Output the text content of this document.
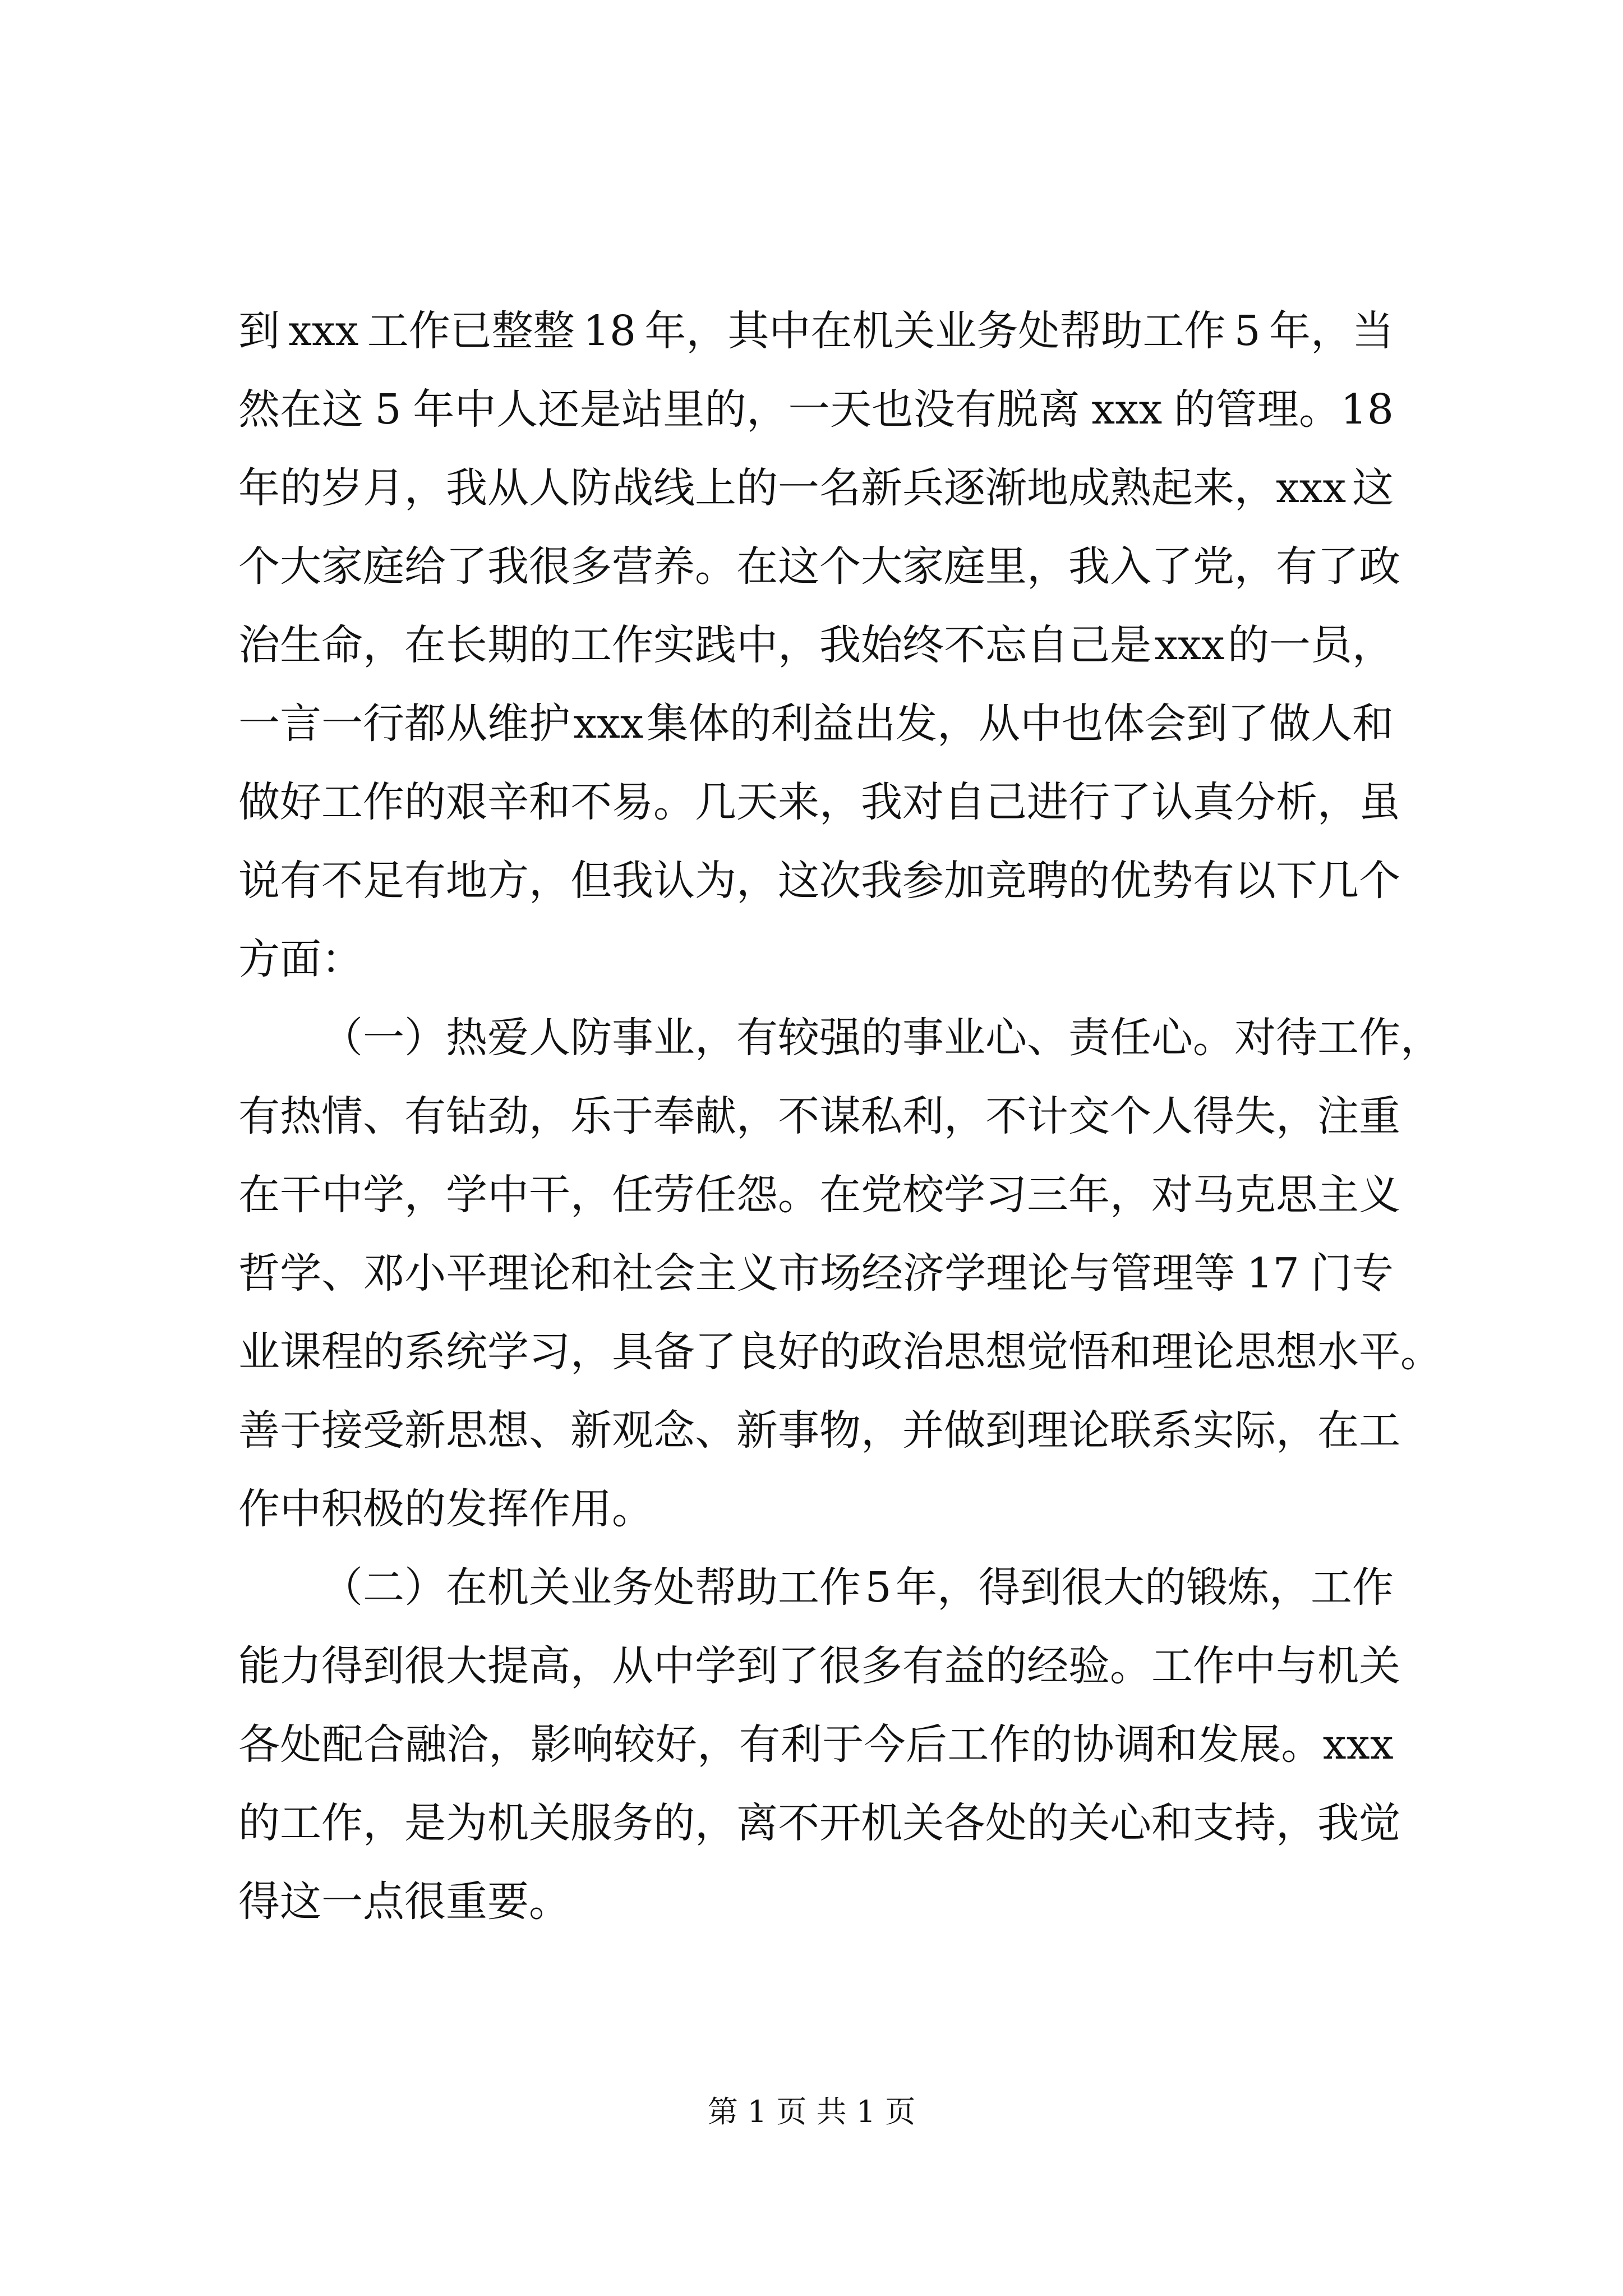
到 x x x 工 作 已 整 整 1 8 年 ， 其 中 在 机 关 业 务 处 帮 助 工 作 5 年 ， 当
然 在 这 5 年 中 人 还 是 站 里 的 ， 一 天 也 没 有 脱 离 x x x 的 管 理 。 1 8
年 的 岁 月 ， 我 从 人 防 战 线 上 的 一 名 新 兵 逐 渐 地 成 熟 起 来 ， x x x 这
个 大 家 庭 给 了 我 很 多 营 养 。 在 这 个 大 家 庭 里 ， 我 入 了 党 ， 有 了 政
治 生 命 ， 在 长 期 的 工 作 实 践 中 ， 我 始 终 不 忘 自 己 是 x x x 的 一 员 ，
一 言 一 行 都 从 维 护 x x x 集 体 的 利 益 出 发 ， 从 中 也 体 会 到 了 做 人 和
做 好 工 作 的 艰 辛 和 不 易 。 几 天 来 ， 我 对 自 己 进 行 了 认 真 分 析 ， 虽
说 有 不 足 有 地 方 ， 但 我 认 为 ， 这 次 我 参 加 竞 聘 的 优 势 有 以 下 几 个
方面：
（ 一 ） 热 爱 人 防 事 业 ， 有 较 强 的 事 业 心 、 责 任 心 。 对 待 工 作 ，
有 热 情 、 有 钻 劲 ， 乐 于 奉 献 ， 不 谋 私 利 ， 不 计 交 个 人 得 失 ， 注 重
在 干 中 学 ， 学 中 干 ， 任 劳 任 怨 。 在 党 校 学 习 三 年 ， 对 马 克 思 主 义
哲 学 、 邓 小 平 理 论 和 社 会 主 义 市 场 经 济 学 理 论 与 管 理 等 1 7 门 专
业 课 程 的 系 统 学 习 ， 具 备 了 良 好 的 政 治 思 想 觉 悟 和 理 论 思 想 水 平 。
善 于 接 受 新 思 想 、 新 观 念 、 新 事 物 ， 并 做 到 理 论 联 系 实 际 ， 在 工
作中积极的发挥作用。
（ 二 ） 在 机 关 业 务 处 帮 助 工 作 5 年 ， 得 到 很 大 的 锻 炼 ， 工 作
能 力 得 到 很 大 提 高 ， 从 中 学 到 了 很 多 有 益 的 经 验 。 工 作 中 与 机 关
各 处 配 合 融 洽 ， 影 响 较 好 ， 有 利 于 今 后 工 作 的 协 调 和 发 展 。 x x x
的 工 作 ， 是 为 机 关 服 务 的 ， 离 不 开 机 关 各 处 的 关 心 和 支 持 ， 我 觉
得这一点很重要。
第 1 页 共 1 页
